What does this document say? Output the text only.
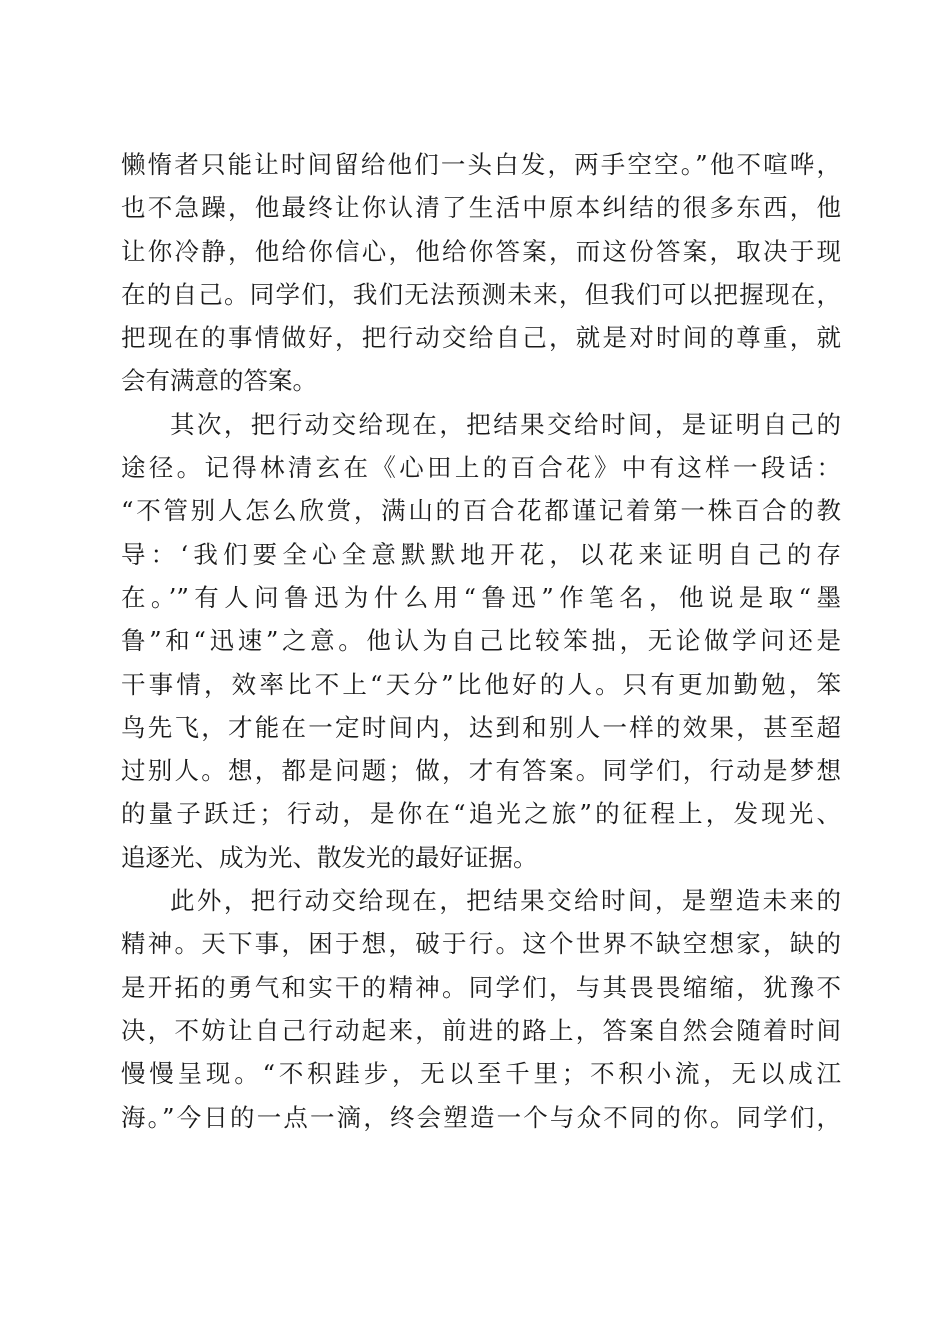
懒惰者只能让时间留给他们一头白发，两手空空。”他不喧哗，
也不急躁，他最终让你认清了生活中原本纠结的很多东西，他
让你冷静，他给你信心，他给你答案，而这份答案，取决于现
在的自己。同学们，我们无法预测未来，但我们可以把握现在，
把现在的事情做好，把行动交给自己，就是对时间的尊重，就
会有满意的答案。
其次，把行动交给现在，把结果交给时间，是证明自己的
途径。记得林清玄在《心田上的百合花》中有这样一段话：
“不管别人怎么欣赏，满山的百合花都谨记着第一株百合的教
导：‘我们要全心全意默默地开花，以花来证明自己的存
在。’”有人问鲁迅为什么用“鲁迅”作笔名，他说是取“墨
鲁”和“迅速”之意。他认为自己比较笨拙，无论做学问还是
干事情，效率比不上“天分”比他好的人。只有更加勤勉，笨
鸟先飞，才能在一定时间内，达到和别人一样的效果，甚至超
过别人。想，都是问题；做，才有答案。同学们，行动是梦想
的量子跃迁；行动，是你在“追光之旅”的征程上，发现光、
追逐光、成为光、散发光的最好证据。
此外，把行动交给现在，把结果交给时间，是塑造未来的
精神。天下事，困于想，破于行。这个世界不缺空想家，缺的
是开拓的勇气和实干的精神。同学们，与其畏畏缩缩，犹豫不
决，不妨让自己行动起来，前进的路上，答案自然会随着时间
慢慢呈现。“不积跬步，无以至千里；不积小流，无以成江
海。”今日的一点一滴，终会塑造一个与众不同的你。同学们，
